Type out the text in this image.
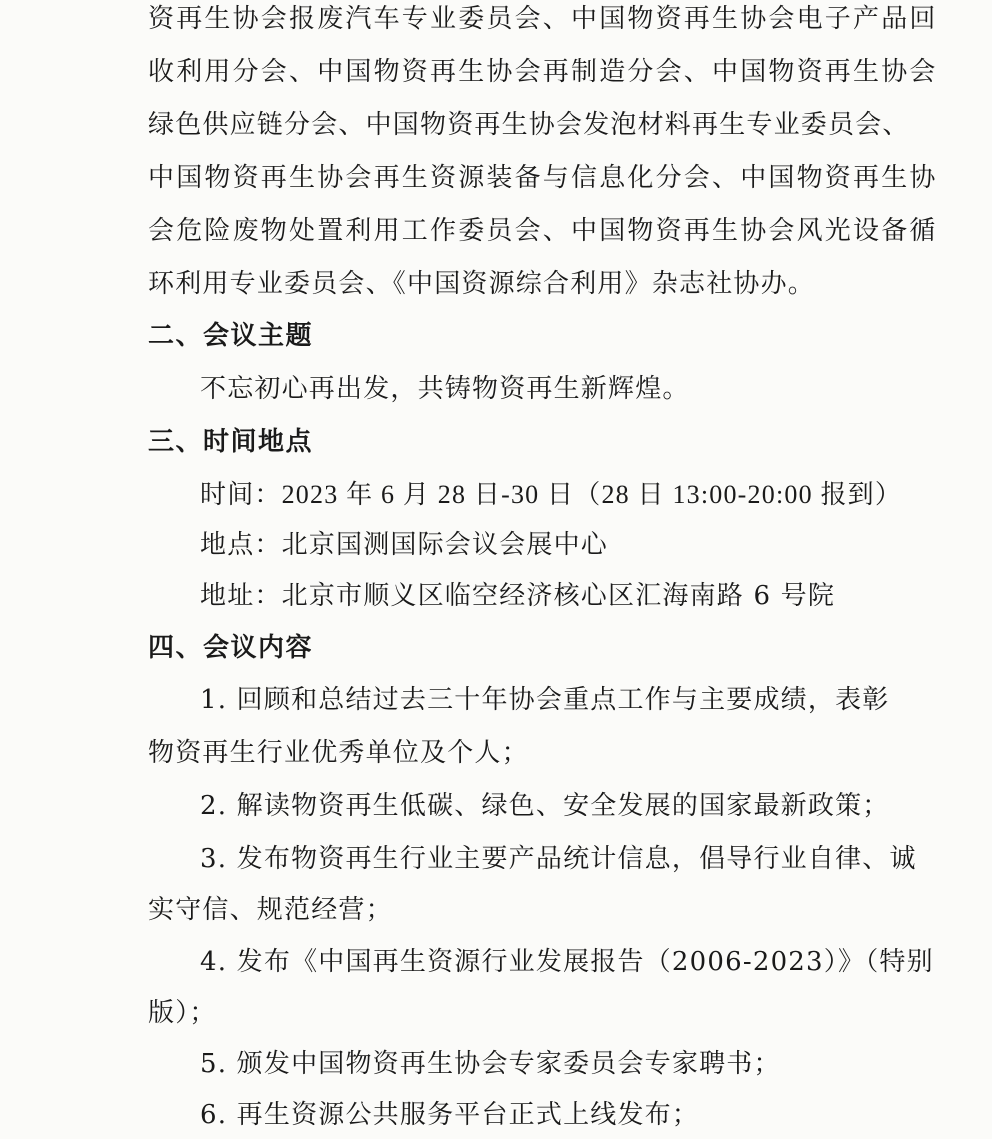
资再生协会报废汽车专业委员会、中国物资再生协会电子产品回
收利用分会、中国物资再生协会再制造分会、中国物资再生协会
绿色供应链分会、中国物资再生协会发泡材料再生专业委员会、
中国物资再生协会再生资源装备与信息化分会、中国物资再生协
会危险废物处置利用工作委员会、中国物资再生协会风光设备循
环利用专业委员会、《中国资源综合利用》杂志社协办。
二、会议主题
不忘初心再出发，共铸物资再生新辉煌。
三、时间地点
时间：2023 年 6 月 28 日-30 日（28 日 13:00-20:00 报到）
地点：北京国测国际会议会展中心
地址：北京市顺义区临空经济核心区汇海南路 6 号院
四、会议内容
1. 回顾和总结过去三十年协会重点工作与主要成绩，表彰
物资再生行业优秀单位及个人；
2. 解读物资再生低碳、绿色、安全发展的国家最新政策；
3. 发布物资再生行业主要产品统计信息，倡导行业自律、诚
实守信、规范经营；
4. 发布《中国再生资源行业发展报告（2006-2023）》（特别
版）；
5. 颁发中国物资再生协会专家委员会专家聘书；
6. 再生资源公共服务平台正式上线发布；
